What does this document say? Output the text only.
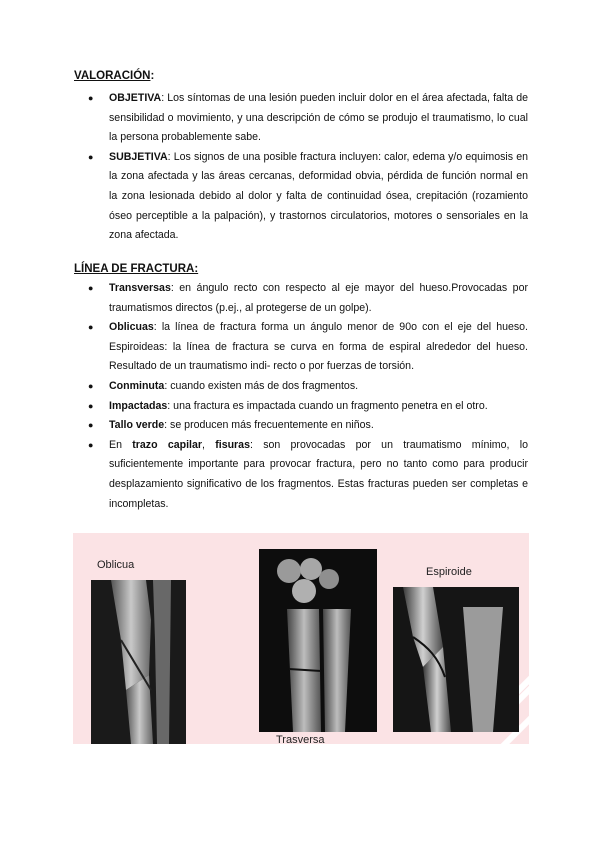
VALORACIÓN:
● OBJETIVA: Los síntomas de una lesión pueden incluir dolor en el área afectada, falta de sensibilidad o movimiento, y una descripción de cómo se produjo el traumatismo, lo cual la persona probablemente sabe.
● SUBJETIVA: Los signos de una posible fractura incluyen: calor, edema y/o equimosis en la zona afectada y las áreas cercanas, deformidad obvia, pérdida de función normal en la zona lesionada debido al dolor y falta de continuidad ósea, crepitación (rozamiento óseo perceptible a la palpación), y trastornos circulatorios, motores o sensoriales en la zona afectada.
LÍNEA DE FRACTURA:
● Transversas: en ángulo recto con respecto al eje mayor del hueso.Provocadas por traumatismos directos (p.ej., al protegerse de un golpe).
● Oblicuas: la línea de fractura forma un ángulo menor de 90o con el eje del hueso. Espiroideas: la línea de fractura se curva en forma de espiral alrededor del hueso. Resultado de un traumatismo indi- recto o por fuerzas de torsión.
● Conminuta: cuando existen más de dos fragmentos.
● Impactadas: una fractura es impactada cuando un fragmento penetra en el otro.
● Tallo verde: se producen más frecuentemente en niños.
● En trazo capilar, fisuras: son provocadas por un traumatismo mínimo, lo suficientemente importante para provocar fractura, pero no tanto como para producir desplazamiento significativo de los fragmentos. Estas fracturas pueden ser completas e incompletas.
Oblicua
Trasversa
Espiroide
